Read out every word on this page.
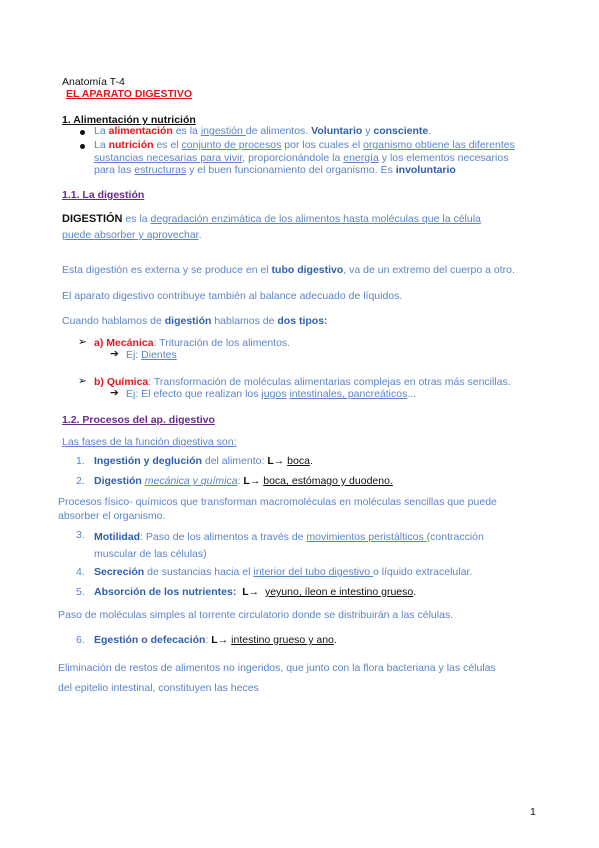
Anatomía T-4
EL APARATO DIGESTIVO
1. Alimentación y nutrición
La alimentación es la ingestión de alimentos. Voluntario y consciente.
La nutrición es el conjunto de procesos por los cuales el organismo obtiene las diferentes
sustancias necesarias para vivir, proporcionándole la energía y los elementos necesarios
para las estructuras y el buen funcionamiento del organismo. Es involuntario
1.1. La digestión
DIGESTIÓN es la degradación enzimática de los alimentos hasta moléculas que la célula
puede absorber y aprovechar.
Esta digestión es externa y se produce en el tubo digestivo, va de un extremo del cuerpo a otro.
El aparato digestivo contribuye también al balance adecuado de líquidos.
Cuando hablamos de digestión hablamos de dos tipos:
➢ a) Mecánica: Trituración de los alimentos.
➔ Ej: Dientes
➢ b) Química: Transformación de moléculas alimentarias complejas en otras más sencillas.
➔ Ej: El efecto que realizan los jugos intestinales, pancreáticos...
1.2. Procesos del ap. digestivo
Las fases de la función digestiva son:
1. Ingestión y deglución del alimento: L→ boca.
2. Digestión mecánica y química: L→ boca, estómago y duodeno.
Procesos físico- químicos que transforman macromoléculas en moléculas sencillas que puede
absorber el organismo.
3. Motilidad: Paso de los alimentos a través de movimientos peristálticos (contracción
muscular de las células)
4. Secreción de sustancias hacia el interior del tubo digestivo o líquido extracelular.
5. Absorción de los nutrientes: L→ yeyuno, íleon e intestino grueso.
Paso de moléculas simples al torrente circulatorio donde se distribuirán a las células.
6. Egestión o defecación: L→ intestino grueso y ano.
Eliminación de restos de alimentos no ingeridos, que junto con la flora bacteriana y las células
del epitelio intestinal, constituyen las heces
1
